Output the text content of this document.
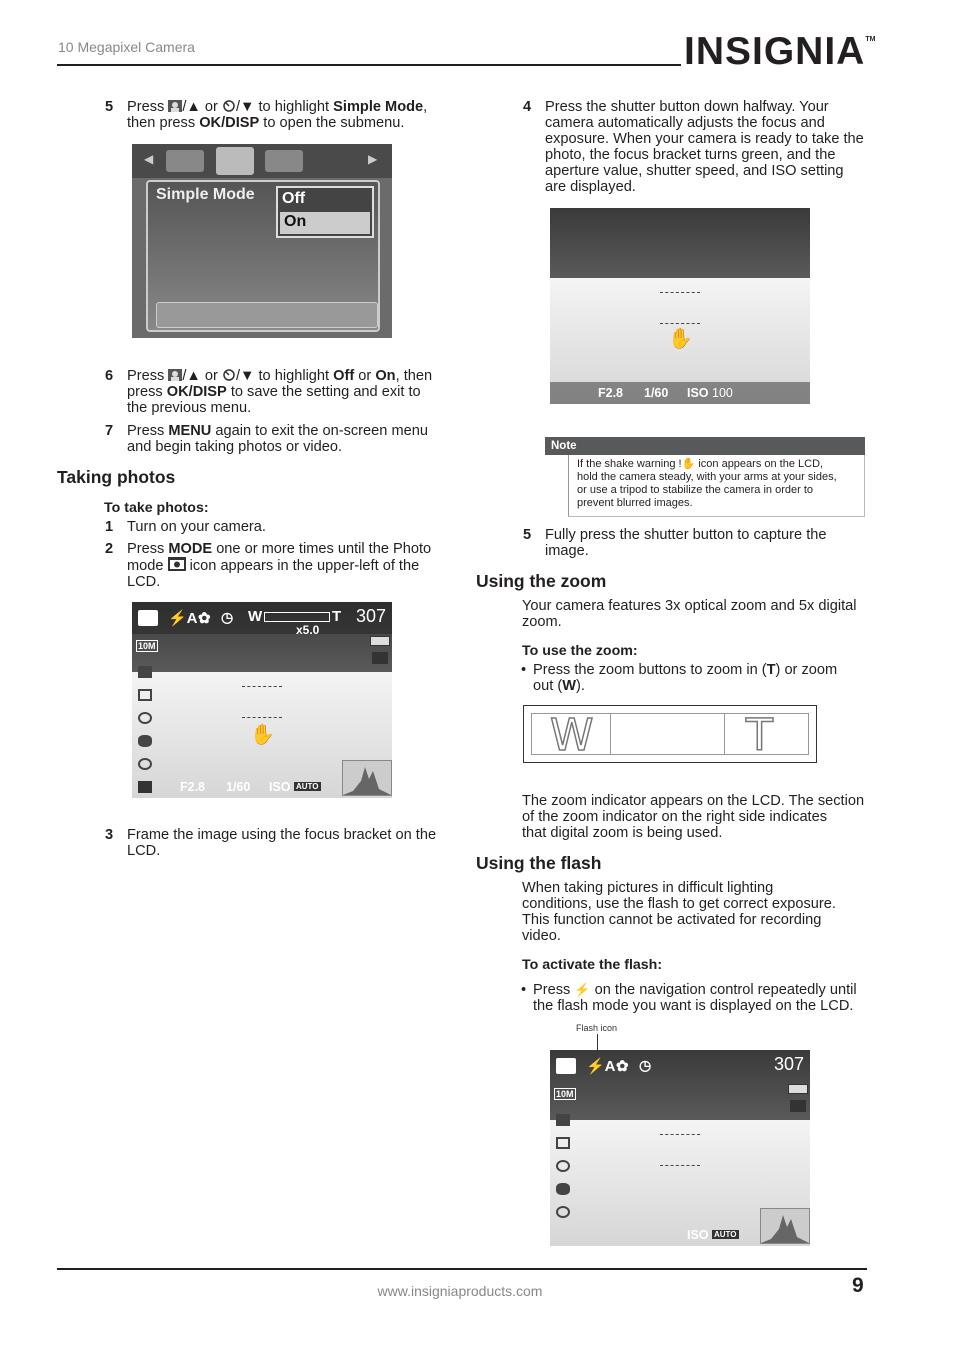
10 Megapixel Camera	INSIGNIA™
5 Press /▲ or /▼ to highlight Simple Mode,
then press OK/DISP to open the submenu.
◀	▶
Simple Mode Off
On
6 Press /▲ or /▼ to highlight Off or On, then
press OK/DISP to save the setting and exit to
the previous menu.
7 Press MENU again to exit the on-screen menu
and begin taking photos or video.
Taking photos
To take photos:
1 Turn on your camera.
2 Press MODE one or more times until the Photo
mode  icon appears in the upper-left of the
LCD.
⚡A ✿ ◷ W	T 307
x5.0
10M
✋
F2.8 1/60 ISO AUTO
3 Frame the image using the focus bracket on the
LCD.
4 Press the shutter button down halfway. Your
camera automatically adjusts the focus and
exposure. When your camera is ready to take the
photo, the focus bracket turns green, and the
aperture value, shutter speed, and ISO setting
are displayed.
✋
F2.8 1/60 ISO 100
Note
If the shake warning !✋ icon appears on the LCD,
hold the camera steady, with your arms at your sides,
or use a tripod to stabilize the camera in order to
prevent blurred images.
5 Fully press the shutter button to capture the
image.
Using the zoom
Your camera features 3x optical zoom and 5x digital
zoom.
To use the zoom:
• Press the zoom buttons to zoom in (T) or zoom
out (W).
W	T
The zoom indicator appears on the LCD. The section
of the zoom indicator on the right side indicates
that digital zoom is being used.
Using the flash
When taking pictures in difficult lighting
conditions, use the flash to get correct exposure.
This function cannot be activated for recording
video.
To activate the flash:
• Press ⚡ on the navigation control repeatedly until
the flash mode you want is displayed on the LCD.
Flash icon
⚡A ✿ ◷	307
10M
ISO AUTO
www.insigniaproducts.com	9
